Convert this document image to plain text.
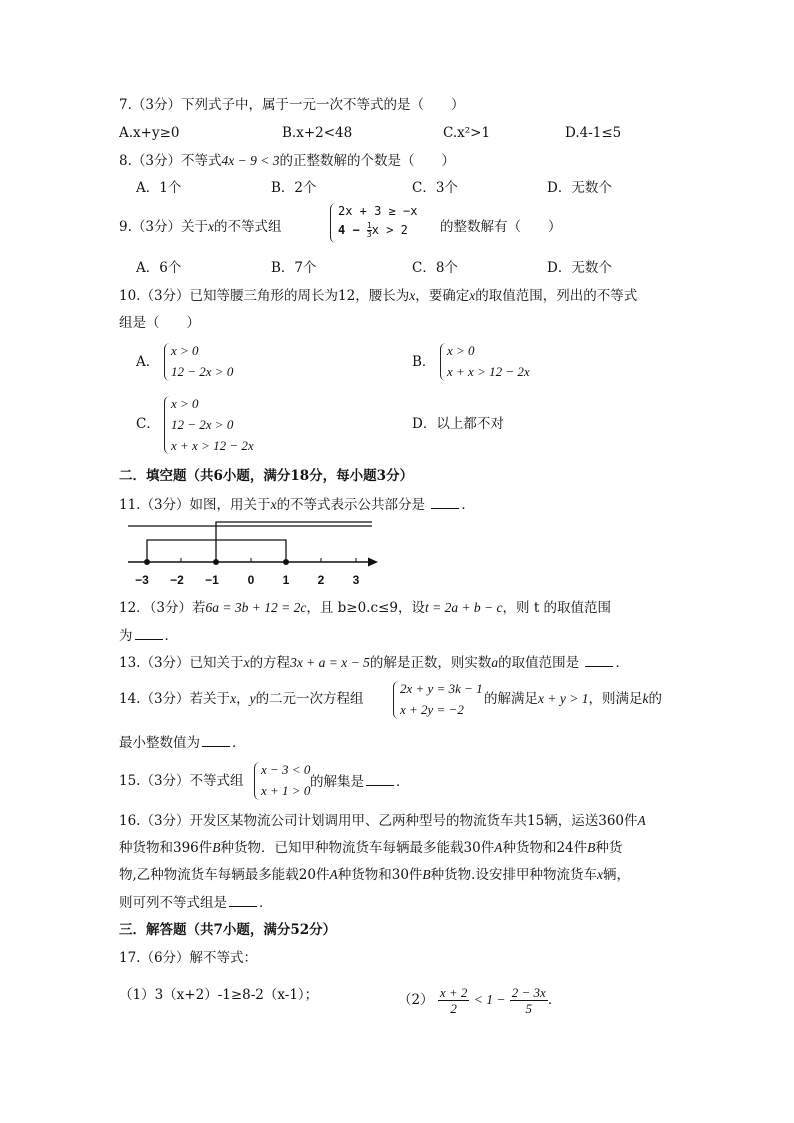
7.（3分）下列式子中，属于一元一次不等式的是（　　）
A.x+y≥0	B.x+2<48	C.x²>1	D.4-1≤5
8.（3分）不等式4x − 9 < 3的正整数解的个数是（　　）
A．1个	B．2个	C．3个	D．无数个
9.（3分）关于x的不等式组
2x + 3 ≥ −x
$4 - \frac{1}{3}$ x > 2 的整数解有（　　）
A．6个	B．7个	C．8个	D．无数个
10.（3分）已知等腰三角形的周长为12，腰长为x，要确定x的取值范围，列出的不等式
组是（　　）
A．
x > 0
12 − 2x > 0
B．
x > 0
x + x > 12 − 2x
C．
x > 0
12 − 2x > 0
x + x > 12 − 2x
D．以上都不对
二．填空题（共6小题，满分18分，每小题3分）
11.（3分）如图，用关于x的不等式表示公共部分是	．
−3 −2 −1 0 1 2 3
12．（3分）若6a = 3b + 12 = 2c，且 b≥0.c≤9，设t = 2a + b − c，则 t 的取值范围
为 ．
13.（3分）已知关于x的方程3x + a = x − 5的解是正数，则实数a的取值范围是	．
14.（3分）若关于x，y的二元一次方程组
2x + y = 3k − 1
x + 2y = −2
的解满足x + y > 1，则满足k的
最小整数值为 ．
15.（3分）不等式组
x − 3 < 0
x + 1 > 0
的解集是 ．
16.（3分）开发区某物流公司计划调用甲、乙两种型号的物流货车共15辆，运送360件A
种货物和396件B种货物．已知甲种物流货车每辆最多能载30件A种货物和24件B种货
物,乙种物流货车每辆最多能载20件A种货物和30件B种货物.设安排甲种物流货车x辆，
则可列不等式组是 ．
三．解答题（共7小题，满分52分）
17.（6分）解不等式：
（1）3（x+2）-1≥8-2（x-1）；	$(2) \frac{x + 2}{2} < 1 - \frac{2 - 3x}{5}$ ．
